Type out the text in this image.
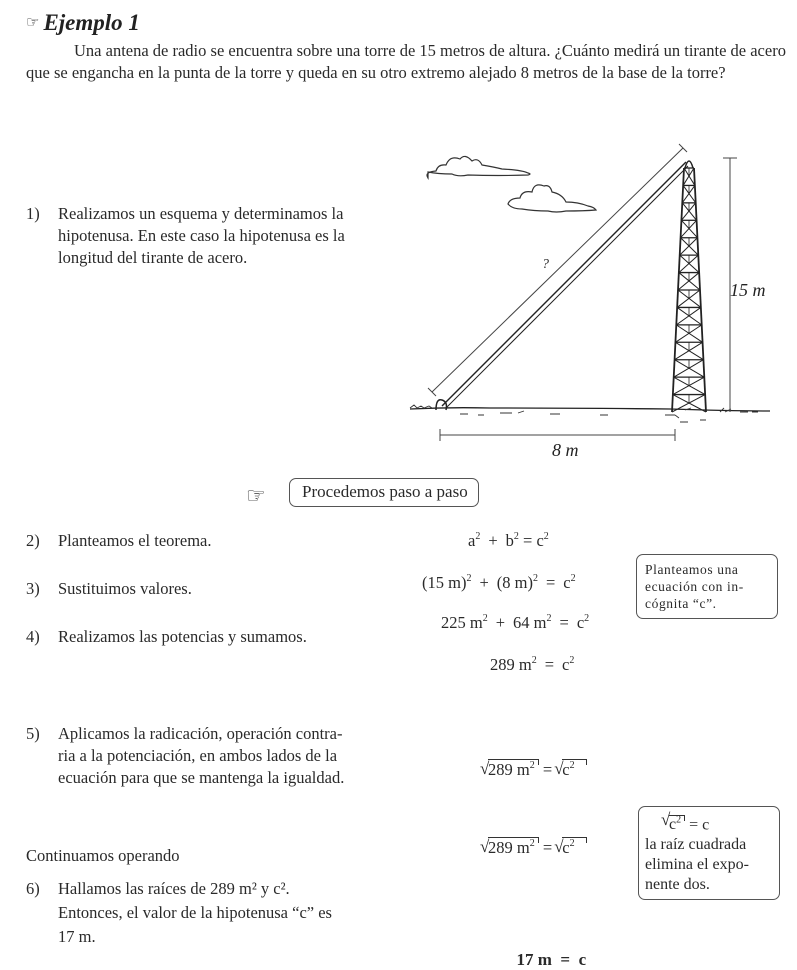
☞ Ejemplo 1

Una antena de radio se encuentra sobre una torre de 15 metros de altura. ¿Cuánto medirá un tirante de acero que se engancha en la punta de la torre y queda en su otro extremo alejado 8 metros de la base de la torre?

?
15 m
8 m
1) Realizamos un esquema y determinamos la
hipotenusa. En este caso la hipotenusa es la
longitud del tirante de acero.
☞	Procedemos paso a paso
2) Planteamos el teorema.
3) Sustituimos valores.
4) Realizamos las potencias y sumamos.
$a^2 + b^2 = c^2$
(15 m)$^2$ + (8 $m)^2 = c^2$
225 $m^2 + 64$ $m^2 = c^2$
289 $m^2 = c^2$
Planteamos una
ecuación con in-
cógnita “c”.
5) Aplicamos la radicación, operación contra-
ria a la potenciación, en ambos lados de la
ecuación para que se mantenga la igualdad.	√
289 $m^2$ =
√
$c^2$
Continuamos operando	√
289 $m^2$ =
√
$c^2$
√
$c^2 = c$
la raíz cuadrada
elimina el expo-
nente dos.
6) Hallamos las raíces de 289 m² y c².
Entonces, el valor de la hipotenusa “c” es
17 m.

17 m  =  c
